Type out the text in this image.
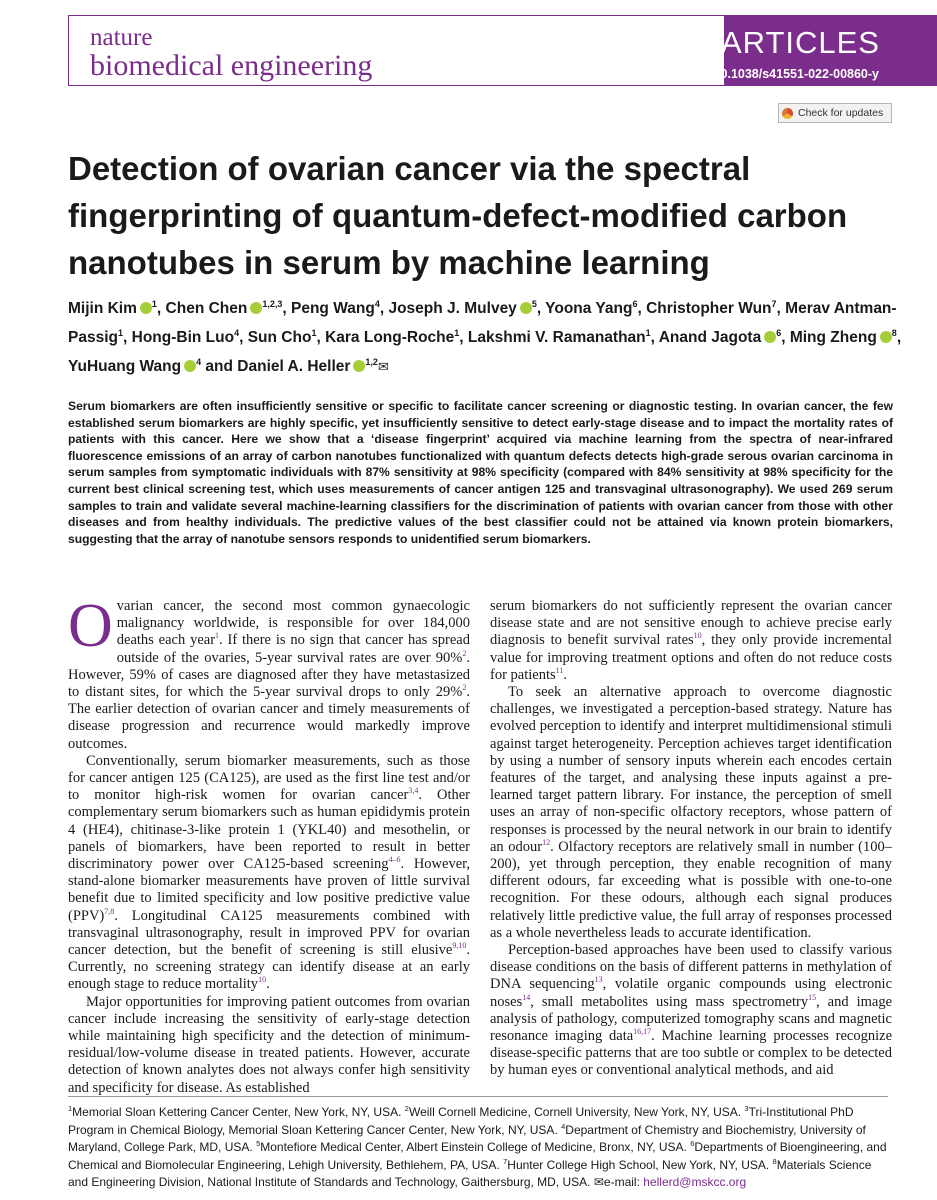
nature
biomedical engineering
ARTICLES
https://doi.org/10.1038/s41551-022-00860-y
Check for updates
Detection of ovarian cancer via the spectral fingerprinting of quantum-defect-modified carbon nanotubes in serum by machine learning
Mijin Kim $^1$, Chen Chen $^{1,2,3}$, Peng Wang$^4$, Joseph J. Mulvey $^5$, Yoona Yang$^6$, Christopher Wun$^7$, Merav Antman-Passig$^1$, Hong-Bin Luo$^4$, Sun Cho$^1$, Kara Long-Roche$^1$, Lakshmi V. Ramanathan$^1$, Anand Jagota $^6$, Ming Zheng $^8$, YuHuang Wang $^4$ and Daniel A. Heller $^{1,2}$✉
Serum biomarkers are often insufficiently sensitive or specific to facilitate cancer screening or diagnostic testing. In ovarian cancer, the few established serum biomarkers are highly specific, yet insufficiently sensitive to detect early-stage disease and to impact the mortality rates of patients with this cancer. Here we show that a ‘disease fingerprint’ acquired via machine learning from the spectra of near-infrared fluorescence emissions of an array of carbon nanotubes functionalized with quantum defects detects high-grade serous ovarian carcinoma in serum samples from symptomatic individuals with 87% sensitivity at 98% specificity (compared with 84% sensitivity at 98% specificity for the current best clinical screening test, which uses measurements of cancer antigen 125 and transvaginal ultrasonography). We used 269 serum samples to train and validate several machine-learning classifiers for the discrimination of patients with ovarian cancer from those with other diseases and from healthy individuals. The predictive values of the best classifier could not be attained via known protein biomarkers, suggesting that the array of nanotube sensors responds to unidentified serum biomarkers.

Ovarian cancer, the second most common gynaecologic malignancy worldwide, is responsible for over 184,000 deaths each year$^1$. If there is no sign that cancer has spread outside of the ovaries, 5-year survival rates are over 90%$^2$. However, 59% of cases are diagnosed after they have metastasized to distant sites, for which the 5-year survival drops to only 29%$^2$. The earlier detection of ovarian cancer and timely measurements of disease progression and recurrence would markedly improve outcomes.

Conventionally, serum biomarker measurements, such as those for cancer antigen 125 (CA125), are used as the first line test and/or to monitor high-risk women for ovarian cancer$^{3,4}$. Other complementary serum biomarkers such as human epididymis protein 4 (HE4), chitinase-3-like protein 1 (YKL40) and mesothelin, or panels of biomarkers, have been reported to result in better discriminatory power over CA125-based screening$^{4-6}$. However, stand-alone biomarker measurements have proven of little survival benefit due to limited specificity and low positive predictive value (PPV)$^{7,8}$. Longitudinal CA125 measurements combined with transvaginal ultrasonography, result in improved PPV for ovarian cancer detection, but the benefit of screening is still elusive$^{9,10}$. Currently, no screening strategy can identify disease at an early enough stage to reduce mortality$^{10}$.

Major opportunities for improving patient outcomes from ovarian cancer include increasing the sensitivity of early-stage detection while maintaining high specificity and the detection of minimum-residual/low-volume disease in treated patients. However, accurate detection of known analytes does not always confer high sensitivity and specificity for disease. As established

serum biomarkers do not sufficiently represent the ovarian cancer disease state and are not sensitive enough to achieve precise early diagnosis to benefit survival rates$^{10}$, they only provide incremental value for improving treatment options and often do not reduce costs for patients$^{11}$.

To seek an alternative approach to overcome diagnostic challenges, we investigated a perception-based strategy. Nature has evolved perception to identify and interpret multidimensional stimuli against target heterogeneity. Perception achieves target identification by using a number of sensory inputs wherein each encodes certain features of the target, and analysing these inputs against a pre-learned target pattern library. For instance, the perception of smell uses an array of non-specific olfactory receptors, whose pattern of responses is processed by the neural network in our brain to identify an odour$^{12}$. Olfactory receptors are relatively small in number (100–200), yet through perception, they enable recognition of many different odours, far exceeding what is possible with one-to-one recognition. For these odours, although each signal produces relatively little predictive value, the full array of responses processed as a whole nevertheless leads to accurate identification.

Perception-based approaches have been used to classify various disease conditions on the basis of different patterns in methylation of DNA sequencing$^{13}$, volatile organic compounds using electronic noses$^{14}$, small metabolites using mass spectrometry$^{15}$, and image analysis of pathology, computerized tomography scans and magnetic resonance imaging data$^{16,17}$. Machine learning processes recognize disease-specific patterns that are too subtle or complex to be detected by human eyes or conventional analytical methods, and aid

$^1$Memorial Sloan Kettering Cancer Center, New York, NY, USA. $^2$Weill Cornell Medicine, Cornell University, New York, NY, USA. $^3$Tri-Institutional PhD Program in Chemical Biology, Memorial Sloan Kettering Cancer Center, New York, NY, USA. $^4$Department of Chemistry and Biochemistry, University of Maryland, College Park, MD, USA. $^5$Montefiore Medical Center, Albert Einstein College of Medicine, Bronx, NY, USA. $^6$Departments of Bioengineering, and Chemical and Biomolecular Engineering, Lehigh University, Bethlehem, PA, USA. $^7$Hunter College High School, New York, NY, USA. $^8$Materials Science and Engineering Division, National Institute of Standards and Technology, Gaithersburg, MD, USA. ✉e-mail: hellerd@mskcc.org
